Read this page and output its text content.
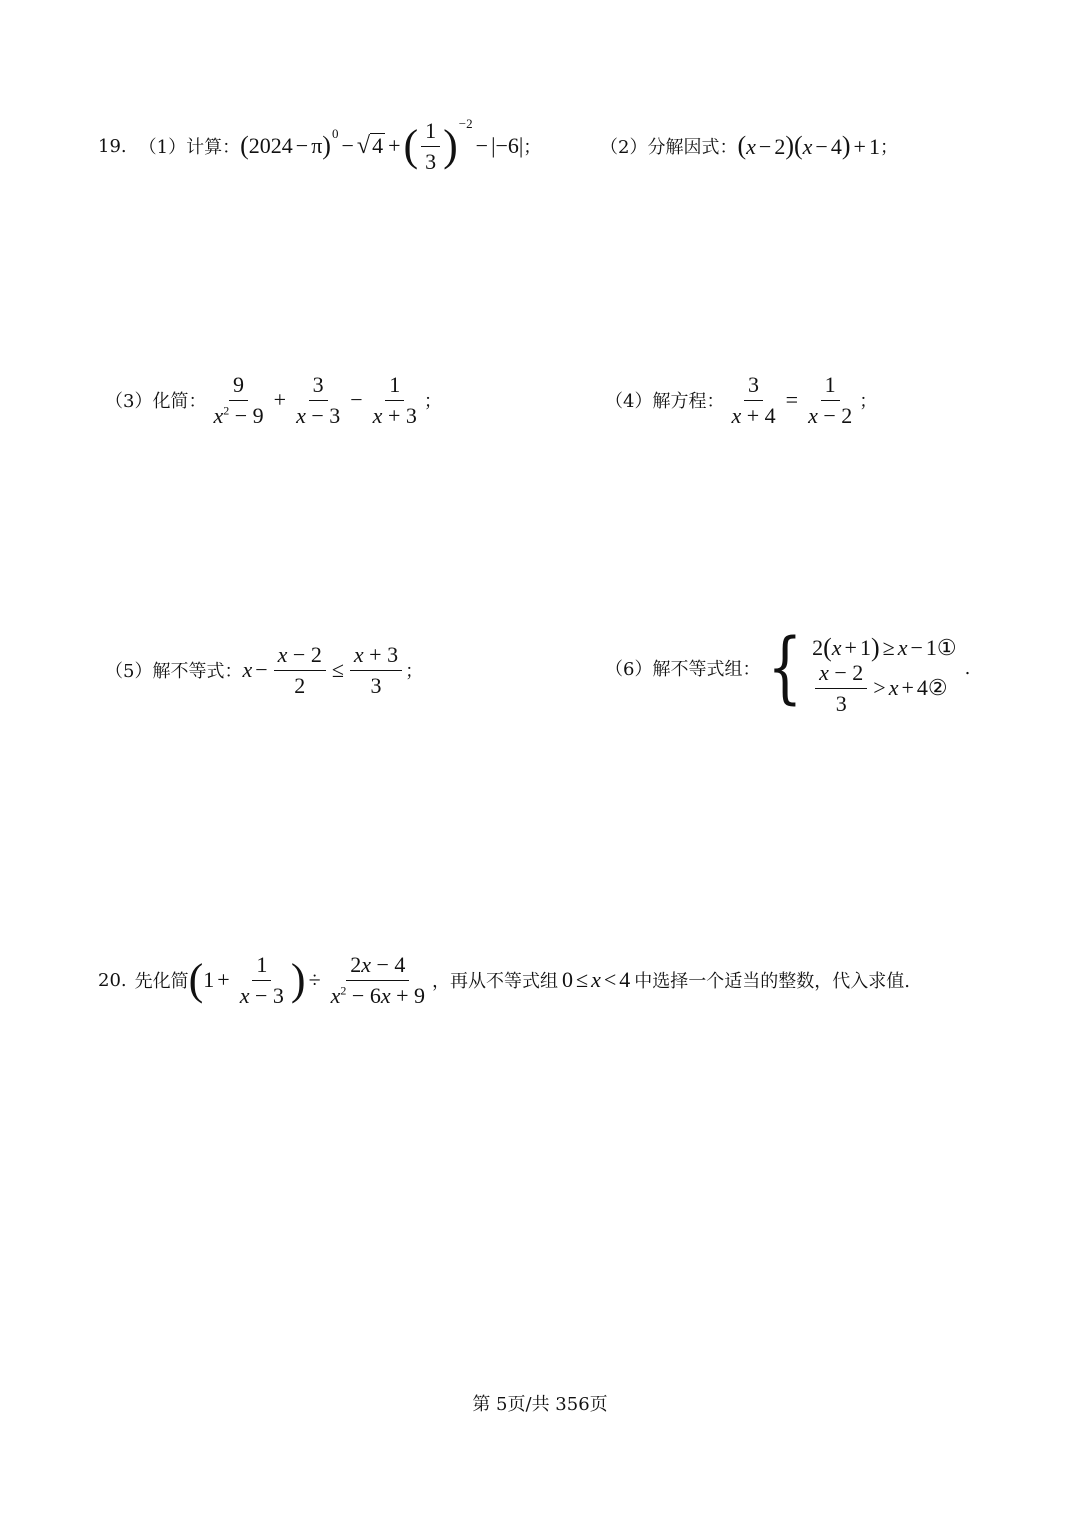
19. （1）计算： ( 2024 − π ) 0 − √ 4 + ( $\frac{1}{3}$ ) −2
− |−6| ；	（2）分解因式： (x − 2)(x − 4) + 1 ；
（3）化简： $\frac{9}{x^2 - 9} + \frac{3}{x - 3} - \frac{1}{x + 3}$ ；	（4）解方程： $\frac{3}{x + 4} = \frac{1}{x - 2}$ ；
（5）解不等式： $x - \frac{x - 2}{2} \le \frac{x + 3}{3}$ ；	（6）解不等式组： { 2 ( x + 1 ) ≥ x − 1 ①
$\frac{x - 2}{3} > x + 4$ ②
.
20. 先化简 ( $1 + \frac{1}{x - 3}$ ) ÷ $\frac{2x - 4}{x^2 - 6x + 9}$ ，再从不等式组 0 ≤ x < 4 中选择一个适当的整数，代入求值.
第 5页/共 356页
